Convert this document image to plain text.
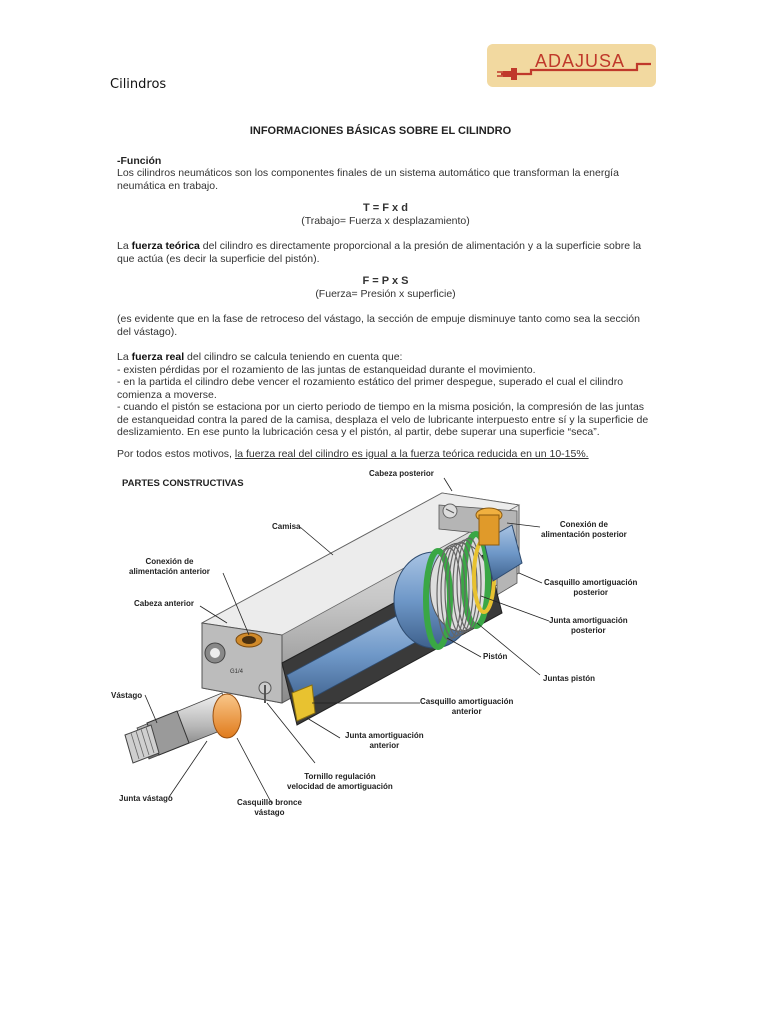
Cilindros
ADAJUSA
INFORMACIONES BÁSICAS SOBRE EL CILINDRO
-Función

Los cilindros neumáticos son los componentes finales de un sistema automático que transforman la energía neumática en trabajo.

T = F x d
(Trabajo= Fuerza x desplazamiento)

La fuerza teórica del cilindro es directamente proporcional a la presión de alimentación y a la superficie sobre la que actúa (es decir la superficie del pistón).

F = P x S
(Fuerza= Presión x superficie)

(es evidente que en la fase de retroceso del vástago, la sección de empuje disminuye tanto como sea la sección del vástago).

La fuerza real del cilindro se calcula teniendo en cuenta que:

- existen pérdidas por el rozamiento de las juntas de estanqueidad durante el movimiento.

- en la partida el cilindro debe vencer el rozamiento estático del primer despegue, superado el cual el cilindro comienza a moverse.

- cuando el pistón se estaciona por un cierto periodo de tiempo en la misma posición, la compresión de las juntas de estanqueidad contra la pared de la camisa, desplaza el velo de lubricante interpuesto entre sí y la superficie de deslizamiento. En ese punto la lubricación cesa y el pistón, al partir, debe superar una superficie “seca”.

Por todos estos motivos, la fuerza real del cilindro es igual a la fuerza teórica reducida en un 10-15%.

G1/4
PARTES CONSTRUCTIVAS
Cabeza posterior
Camisa	Conexión de
alimentación posterior
Conexión de
alimentación anterior
Casquillo amortiguación
posterior
Cabeza anterior
Junta amortiguación
posterior
Pistón
Juntas pistón
Vástago
Casquillo amortiguación
anterior
Junta amortiguación
anterior
Tornillo regulación
velocidad de amortiguación
Junta vástago	Casquillo bronce
vástago
